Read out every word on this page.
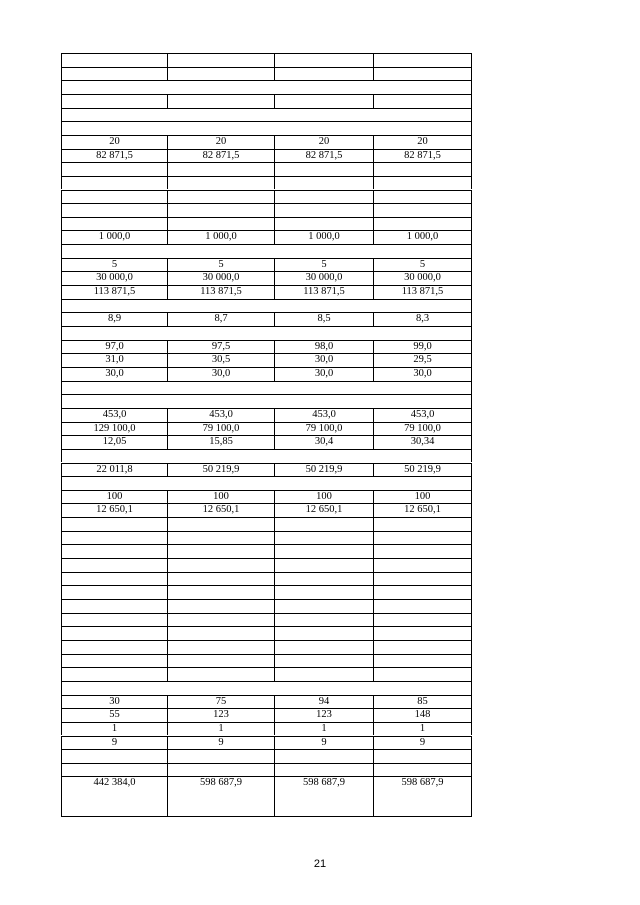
20	20	20	20
82 871,5	82 871,5	82 871,5	82 871,5
1 000,0	1 000,0	1 000,0	1 000,0
5	5	5	5
30 000,0	30 000,0	30 000,0	30 000,0
113 871,5	113 871,5	113 871,5	113 871,5
8,9	8,7	8,5	8,3
97,0	97,5	98,0	99,0
31,0	30,5	30,0	29,5
30,0	30,0	30,0	30,0
453,0	453,0	453,0	453,0
129 100,0	79 100,0	79 100,0	79 100,0
12,05	15,85	30,4	30,34
22 011,8	50 219,9	50 219,9	50 219,9
100	100	100	100
12 650,1	12 650,1	12 650,1	12 650,1
30	75	94	85
55	123	123	148
1	1	1	1
9	9	9	9
442 384,0	598 687,9	598 687,9	598 687,9
21
